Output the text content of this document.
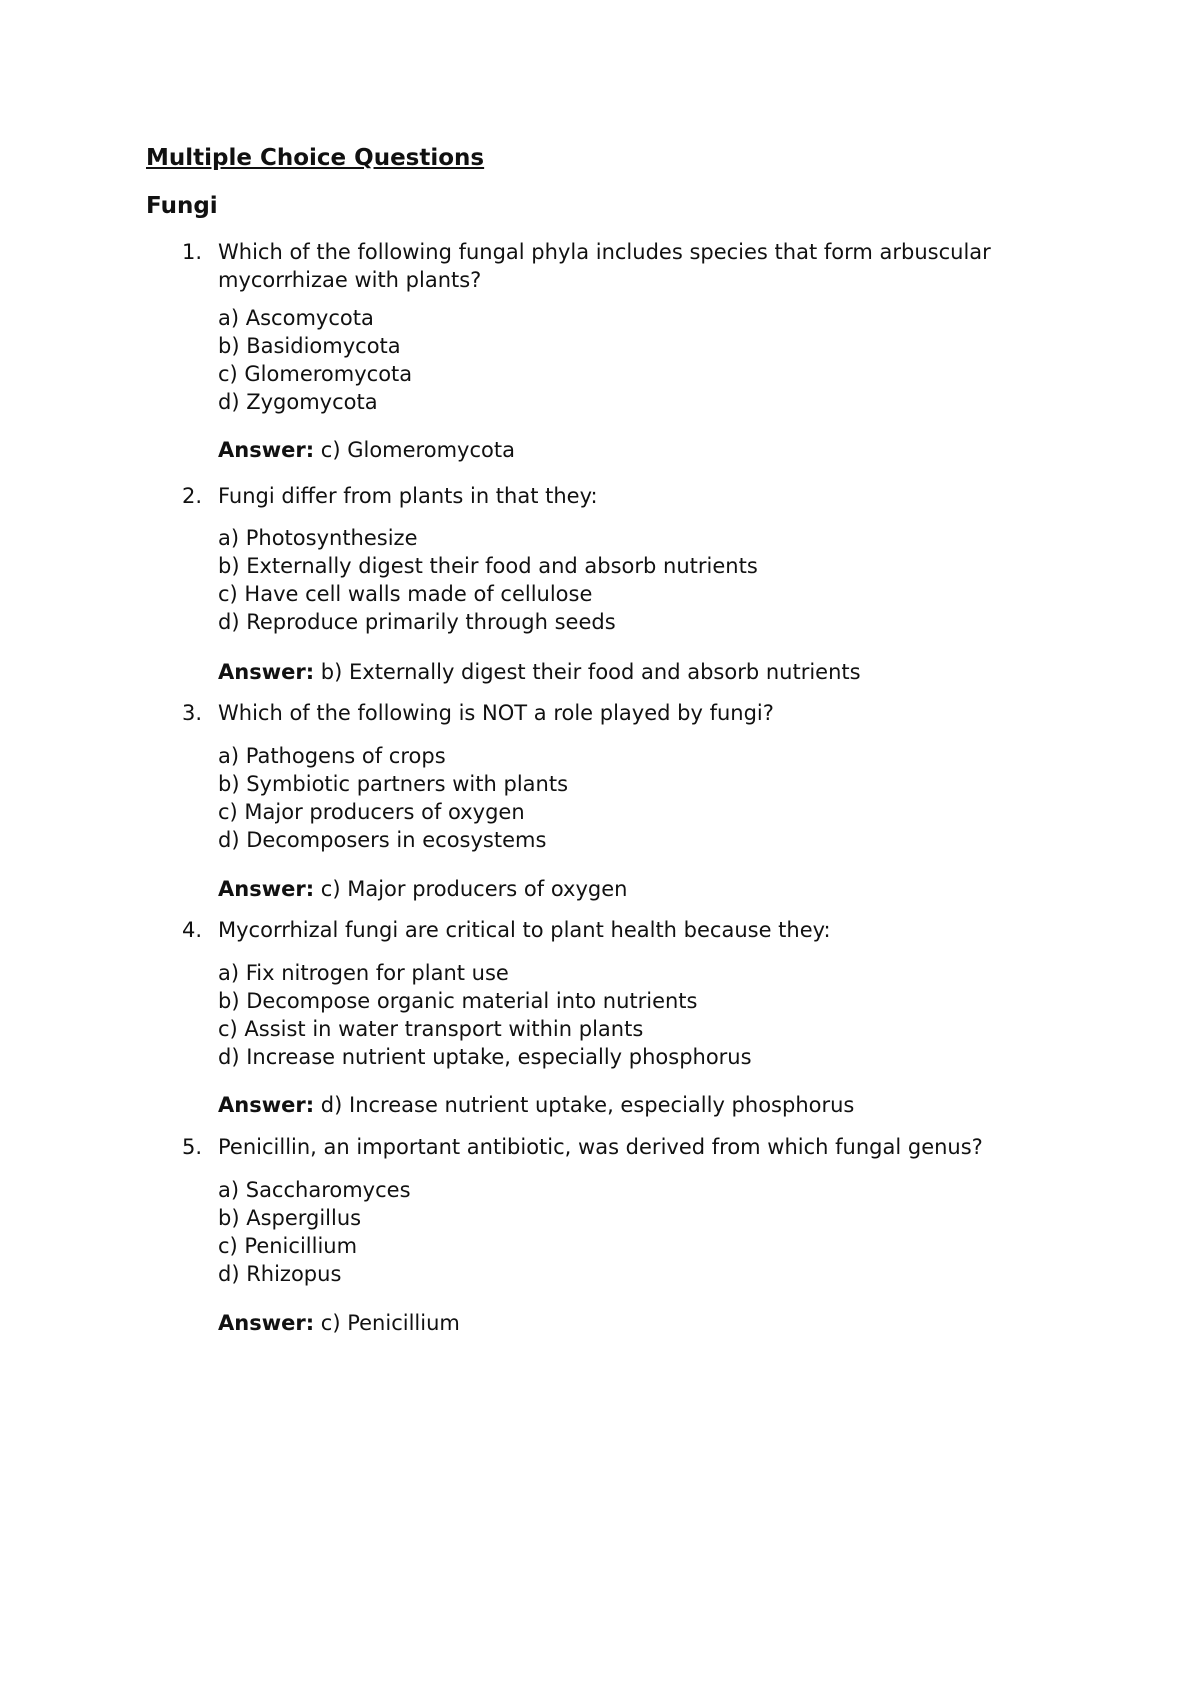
Multiple Choice Questions
Fungi
1. Which of the following fungal phyla includes species that form arbuscular mycorrhizae with plants?
a) Ascomycota
b) Basidiomycota
c) Glomeromycota
d) Zygomycota
Answer: c) Glomeromycota
2. Fungi differ from plants in that they:
a) Photosynthesize
b) Externally digest their food and absorb nutrients
c) Have cell walls made of cellulose
d) Reproduce primarily through seeds
Answer: b) Externally digest their food and absorb nutrients
3. Which of the following is NOT a role played by fungi?
a) Pathogens of crops
b) Symbiotic partners with plants
c) Major producers of oxygen
d) Decomposers in ecosystems
Answer: c) Major producers of oxygen
4. Mycorrhizal fungi are critical to plant health because they:
a) Fix nitrogen for plant use
b) Decompose organic material into nutrients
c) Assist in water transport within plants
d) Increase nutrient uptake, especially phosphorus
Answer: d) Increase nutrient uptake, especially phosphorus
5. Penicillin, an important antibiotic, was derived from which fungal genus?
a) Saccharomyces
b) Aspergillus
c) Penicillium
d) Rhizopus
Answer: c) Penicillium
